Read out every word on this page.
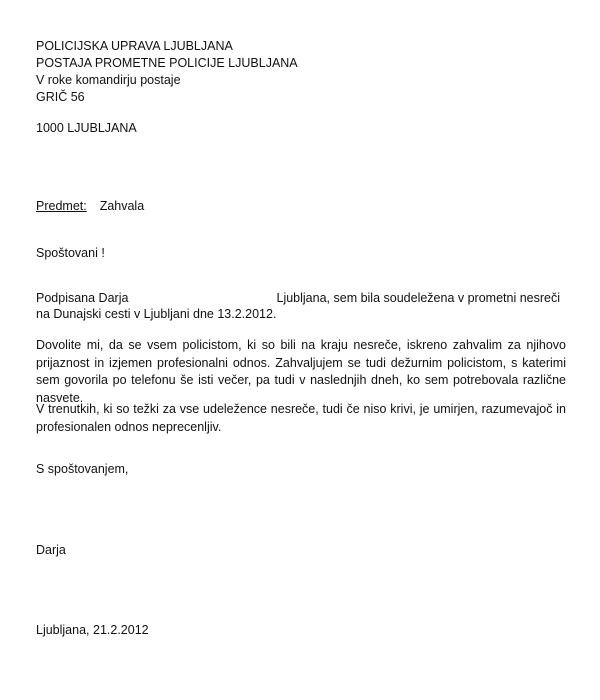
POLICIJSKA UPRAVA LJUBLJANA
POSTAJA PROMETNE POLICIJE LJUBLJANA
V roke komandirju postaje
GRIČ 56
1000 LJUBLJANA
Predmet: Zahvala
Spoštovani !
Podpisana Darja	Ljubljana, sem bila soudeležena v prometni nesreči
na Dunajski cesti v Ljubljani dne 13.2.2012.
Dovolite mi, da se vsem policistom, ki so bili na kraju nesreče, iskreno zahvalim za njihovo prijaznost in izjemen profesionalni odnos. Zahvaljujem se tudi dežurnim policistom, s katerimi sem govorila po telefonu še isti večer, pa tudi v naslednjih dneh, ko sem potrebovala različne nasvete.
V trenutkih, ki so težki za vse udeležence nesreče, tudi če niso krivi, je umirjen, razumevajoč in profesionalen odnos neprecenljiv.
S spoštovanjem,
Darja
Ljubljana, 21.2.2012
